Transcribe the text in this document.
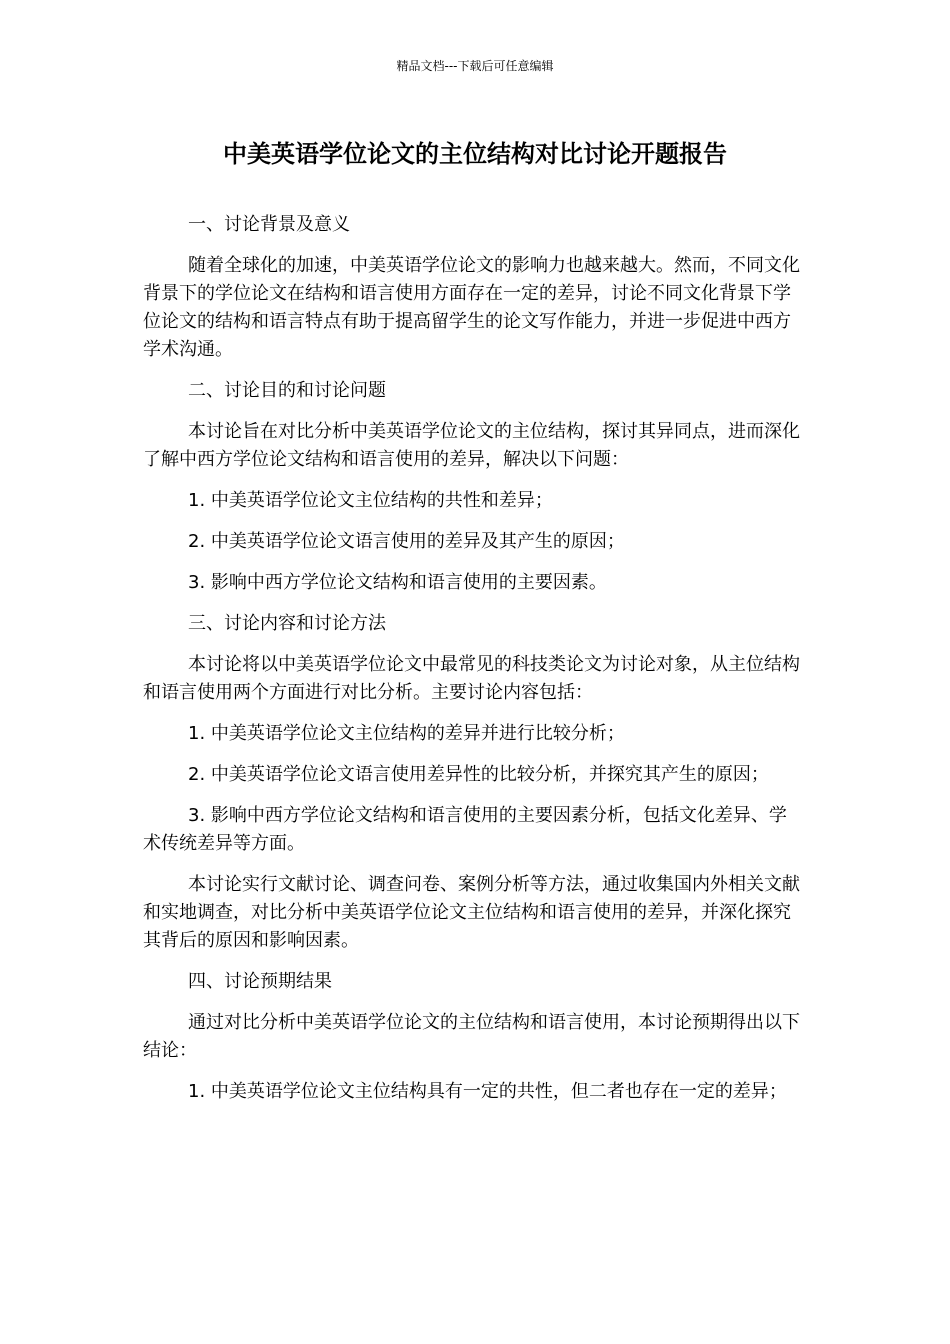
精品文档---下载后可任意编辑
中美英语学位论文的主位结构对比讨论开题报告

一、讨论背景及意义

随着全球化的加速，中美英语学位论文的影响力也越来越大。然而，不同文化背景下的学位论文在结构和语言使用方面存在一定的差异，讨论不同文化背景下学位论文的结构和语言特点有助于提高留学生的论文写作能力，并进一步促进中西方学术沟通。

二、讨论目的和讨论问题

本讨论旨在对比分析中美英语学位论文的主位结构，探讨其异同点，进而深化了解中西方学位论文结构和语言使用的差异，解决以下问题：

1. 中美英语学位论文主位结构的共性和差异；

2. 中美英语学位论文语言使用的差异及其产生的原因；

3. 影响中西方学位论文结构和语言使用的主要因素。

三、讨论内容和讨论方法

本讨论将以中美英语学位论文中最常见的科技类论文为讨论对象，从主位结构和语言使用两个方面进行对比分析。主要讨论内容包括：

1. 中美英语学位论文主位结构的差异并进行比较分析；

2. 中美英语学位论文语言使用差异性的比较分析，并探究其产生的原因；

3. 影响中西方学位论文结构和语言使用的主要因素分析，包括文化差异、学术传统差异等方面。

本讨论实行文献讨论、调查问卷、案例分析等方法，通过收集国内外相关文献和实地调查，对比分析中美英语学位论文主位结构和语言使用的差异，并深化探究其背后的原因和影响因素。

四、讨论预期结果

通过对比分析中美英语学位论文的主位结构和语言使用，本讨论预期得出以下结论：

1. 中美英语学位论文主位结构具有一定的共性，但二者也存在一定的差异；
